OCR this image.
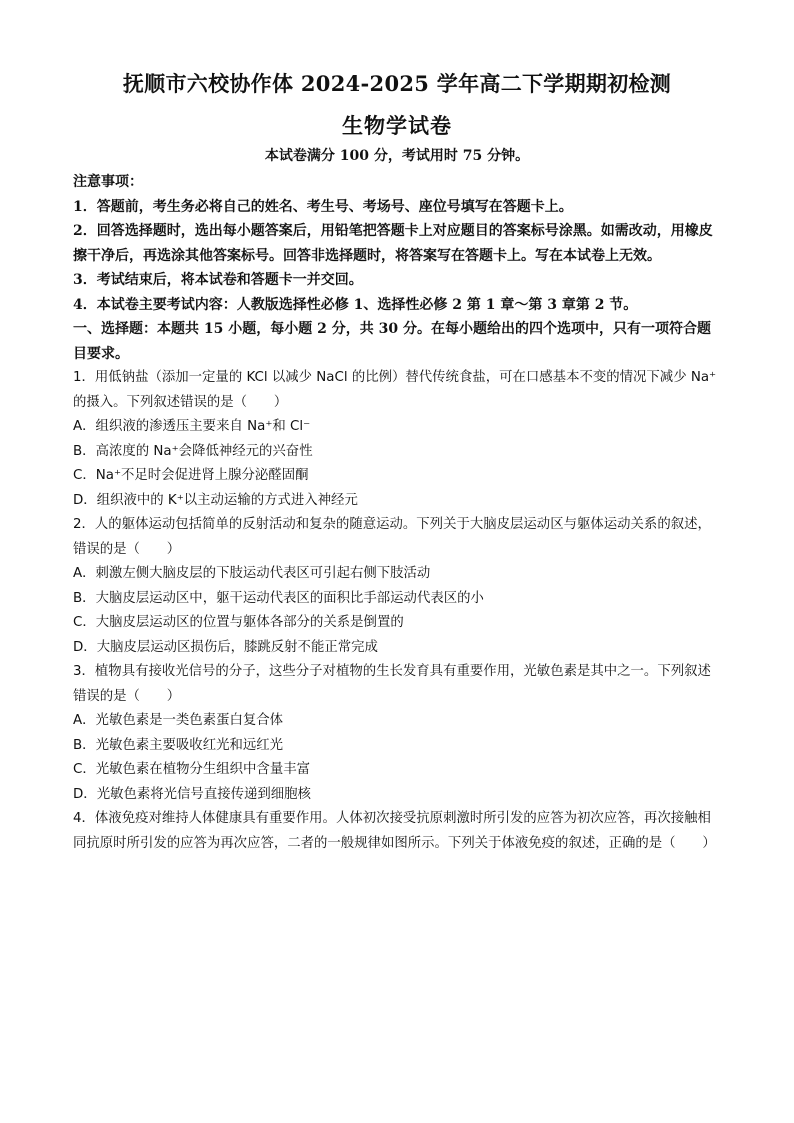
抚顺市六校协作体 2024-2025 学年高二下学期期初检测
生物学试卷
本试卷满分 100 分，考试用时 75 分钟。
注意事项：
1．答题前，考生务必将自己的姓名、考生号、考场号、座位号填写在答题卡上。
2．回答选择题时，选出每小题答案后，用铅笔把答题卡上对应题目的答案标号涂黑。如需改动，用橡皮擦干净后，再选涂其他答案标号。回答非选择题时，将答案写在答题卡上。写在本试卷上无效。
3．考试结束后，将本试卷和答题卡一并交回。
4．本试卷主要考试内容：人教版选择性必修 1、选择性必修 2 第 1 章～第 3 章第 2 节。
一、选择题：本题共 15 小题，每小题 2 分，共 30 分。在每小题给出的四个选项中，只有一项符合题目要求。
1．用低钠盐（添加一定量的 KCl 以减少 NaCl 的比例）替代传统食盐，可在口感基本不变的情况下减少 Na⁺的摄入。下列叙述错误的是（　　）
A．组织液的渗透压主要来自 Na⁺和 Cl⁻
B．高浓度的 Na⁺会降低神经元的兴奋性
C．Na⁺不足时会促进肾上腺分泌醛固酮
D．组织液中的 K⁺以主动运输的方式进入神经元
2．人的躯体运动包括简单的反射活动和复杂的随意运动。下列关于大脑皮层运动区与躯体运动关系的叙述，错误的是（　　）
A．刺激左侧大脑皮层的下肢运动代表区可引起右侧下肢活动
B．大脑皮层运动区中，躯干运动代表区的面积比手部运动代表区的小
C．大脑皮层运动区的位置与躯体各部分的关系是倒置的
D．大脑皮层运动区损伤后，膝跳反射不能正常完成
3．植物具有接收光信号的分子，这些分子对植物的生长发育具有重要作用，光敏色素是其中之一。下列叙述错误的是（　　）
A．光敏色素是一类色素蛋白复合体
B．光敏色素主要吸收红光和远红光
C．光敏色素在植物分生组织中含量丰富
D．光敏色素将光信号直接传递到细胞核
4．体液免疫对维持人体健康具有重要作用。人体初次接受抗原刺激时所引发的应答为初次应答，再次接触相同抗原时所引发的应答为再次应答，二者的一般规律如图所示。下列关于体液免疫的叙述，正确的是（　　）
